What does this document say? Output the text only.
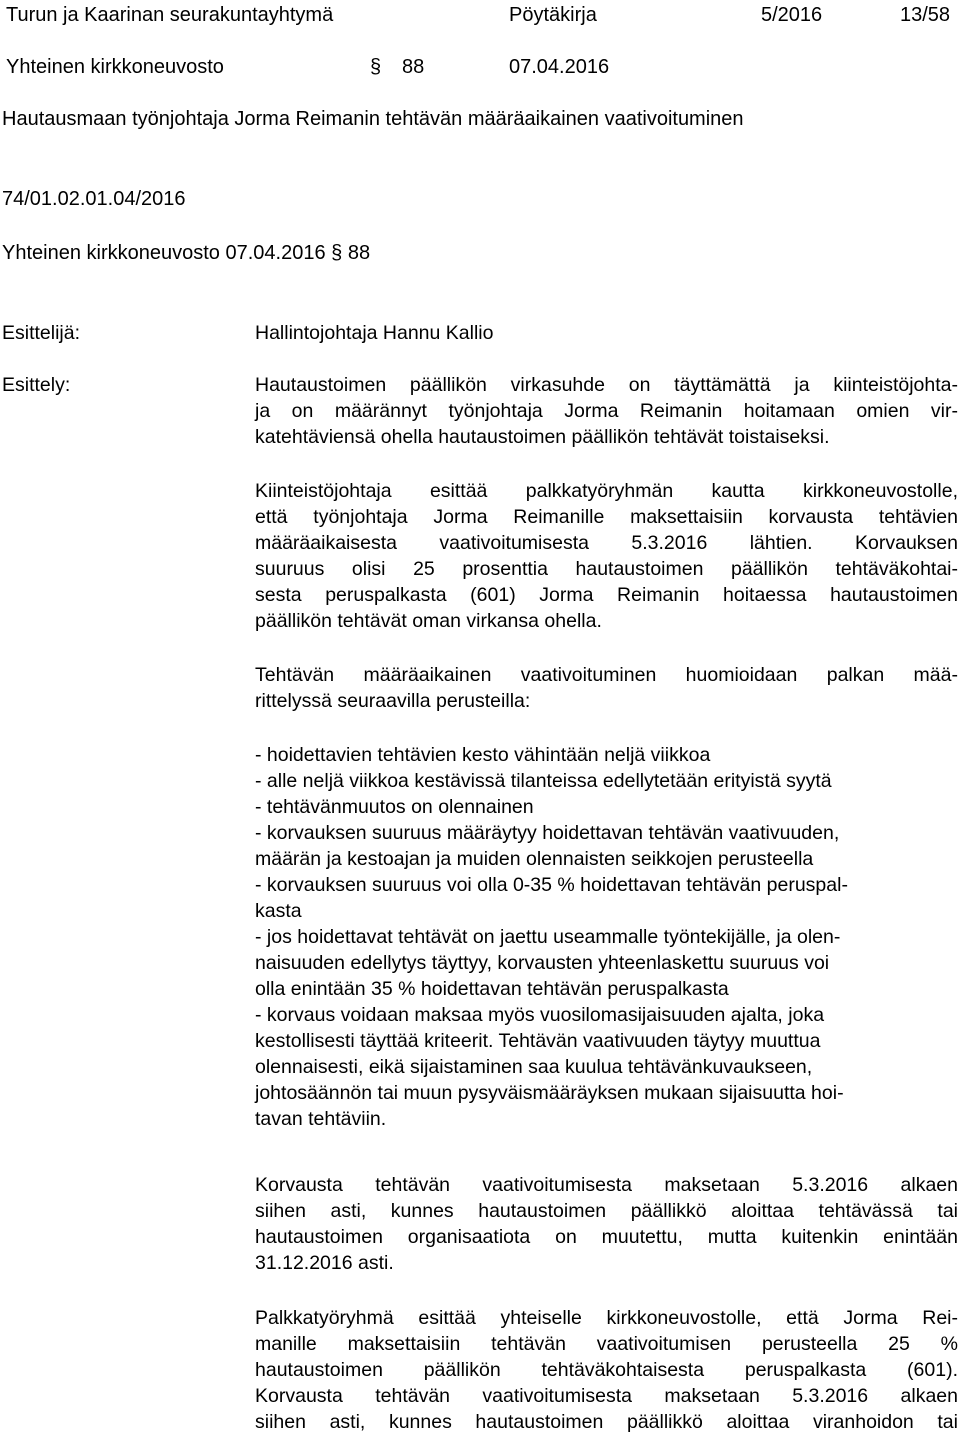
Turun ja Kaarinan seurakuntayhtymä	Pöytäkirja	5/2016	13/58
Yhteinen kirkkoneuvosto	§ 88	07.04.2016
Hautausmaan työnjohtaja Jorma Reimanin tehtävän määräaikainen vaativoituminen
74/01.02.01.04/2016
Yhteinen kirkkoneuvosto 07.04.2016 § 88
Esittelijä:	Hallintojohtaja Hannu Kallio
Esittely:	Hautaustoimen päällikön virkasuhde on täyttämättä ja kiinteistöjohta-
ja on määrännyt työnjohtaja Jorma Reimanin hoitamaan omien vir-
katehtäviensä ohella hautaustoimen päällikön tehtävät toistaiseksi.
Kiinteistöjohtaja esittää palkkatyöryhmän kautta kirkkoneuvostolle,
että työnjohtaja Jorma Reimanille maksettaisiin korvausta tehtävien
määräaikaisesta vaativoitumisesta 5.3.2016 lähtien. Korvauksen
suuruus olisi 25 prosenttia hautaustoimen päällikön tehtäväkohtai-
sesta peruspalkasta (601) Jorma Reimanin hoitaessa hautaustoimen
päällikön tehtävät oman virkansa ohella.
Tehtävän määräaikainen vaativoituminen huomioidaan palkan mää-
rittelyssä seuraavilla perusteilla:
- hoidettavien tehtävien kesto vähintään neljä viikkoa
- alle neljä viikkoa kestävissä tilanteissa edellytetään erityistä syytä
- tehtävänmuutos on olennainen
- korvauksen suuruus määräytyy hoidettavan tehtävän vaativuuden,
määrän ja kestoajan ja muiden olennaisten seikkojen perusteella
- korvauksen suuruus voi olla 0-35 % hoidettavan tehtävän peruspal-
kasta
- jos hoidettavat tehtävät on jaettu useammalle työntekijälle, ja olen-
naisuuden edellytys täyttyy, korvausten yhteenlaskettu suuruus voi
olla enintään 35 % hoidettavan tehtävän peruspalkasta
- korvaus voidaan maksaa myös vuosilomasijaisuuden ajalta, joka
kestollisesti täyttää kriteerit. Tehtävän vaativuuden täytyy muuttua
olennaisesti, eikä sijaistaminen saa kuulua tehtävänkuvaukseen,
johtosäännön tai muun pysyväismääräyksen mukaan sijaisuutta hoi-
tavan tehtäviin.
Korvausta tehtävän vaativoitumisesta maksetaan 5.3.2016 alkaen
siihen asti, kunnes hautaustoimen päällikkö aloittaa tehtävässä tai
hautaustoimen organisaatiota on muutettu, mutta kuitenkin enintään
31.12.2016 asti.
Palkkatyöryhmä esittää yhteiselle kirkkoneuvostolle, että Jorma Rei-
manille maksettaisiin tehtävän vaativoitumisen perusteella 25 %
hautaustoimen päällikön tehtäväkohtaisesta peruspalkasta (601).
Korvausta tehtävän vaativoitumisesta maksetaan 5.3.2016 alkaen
siihen asti, kunnes hautaustoimen päällikkö aloittaa viranhoidon tai
